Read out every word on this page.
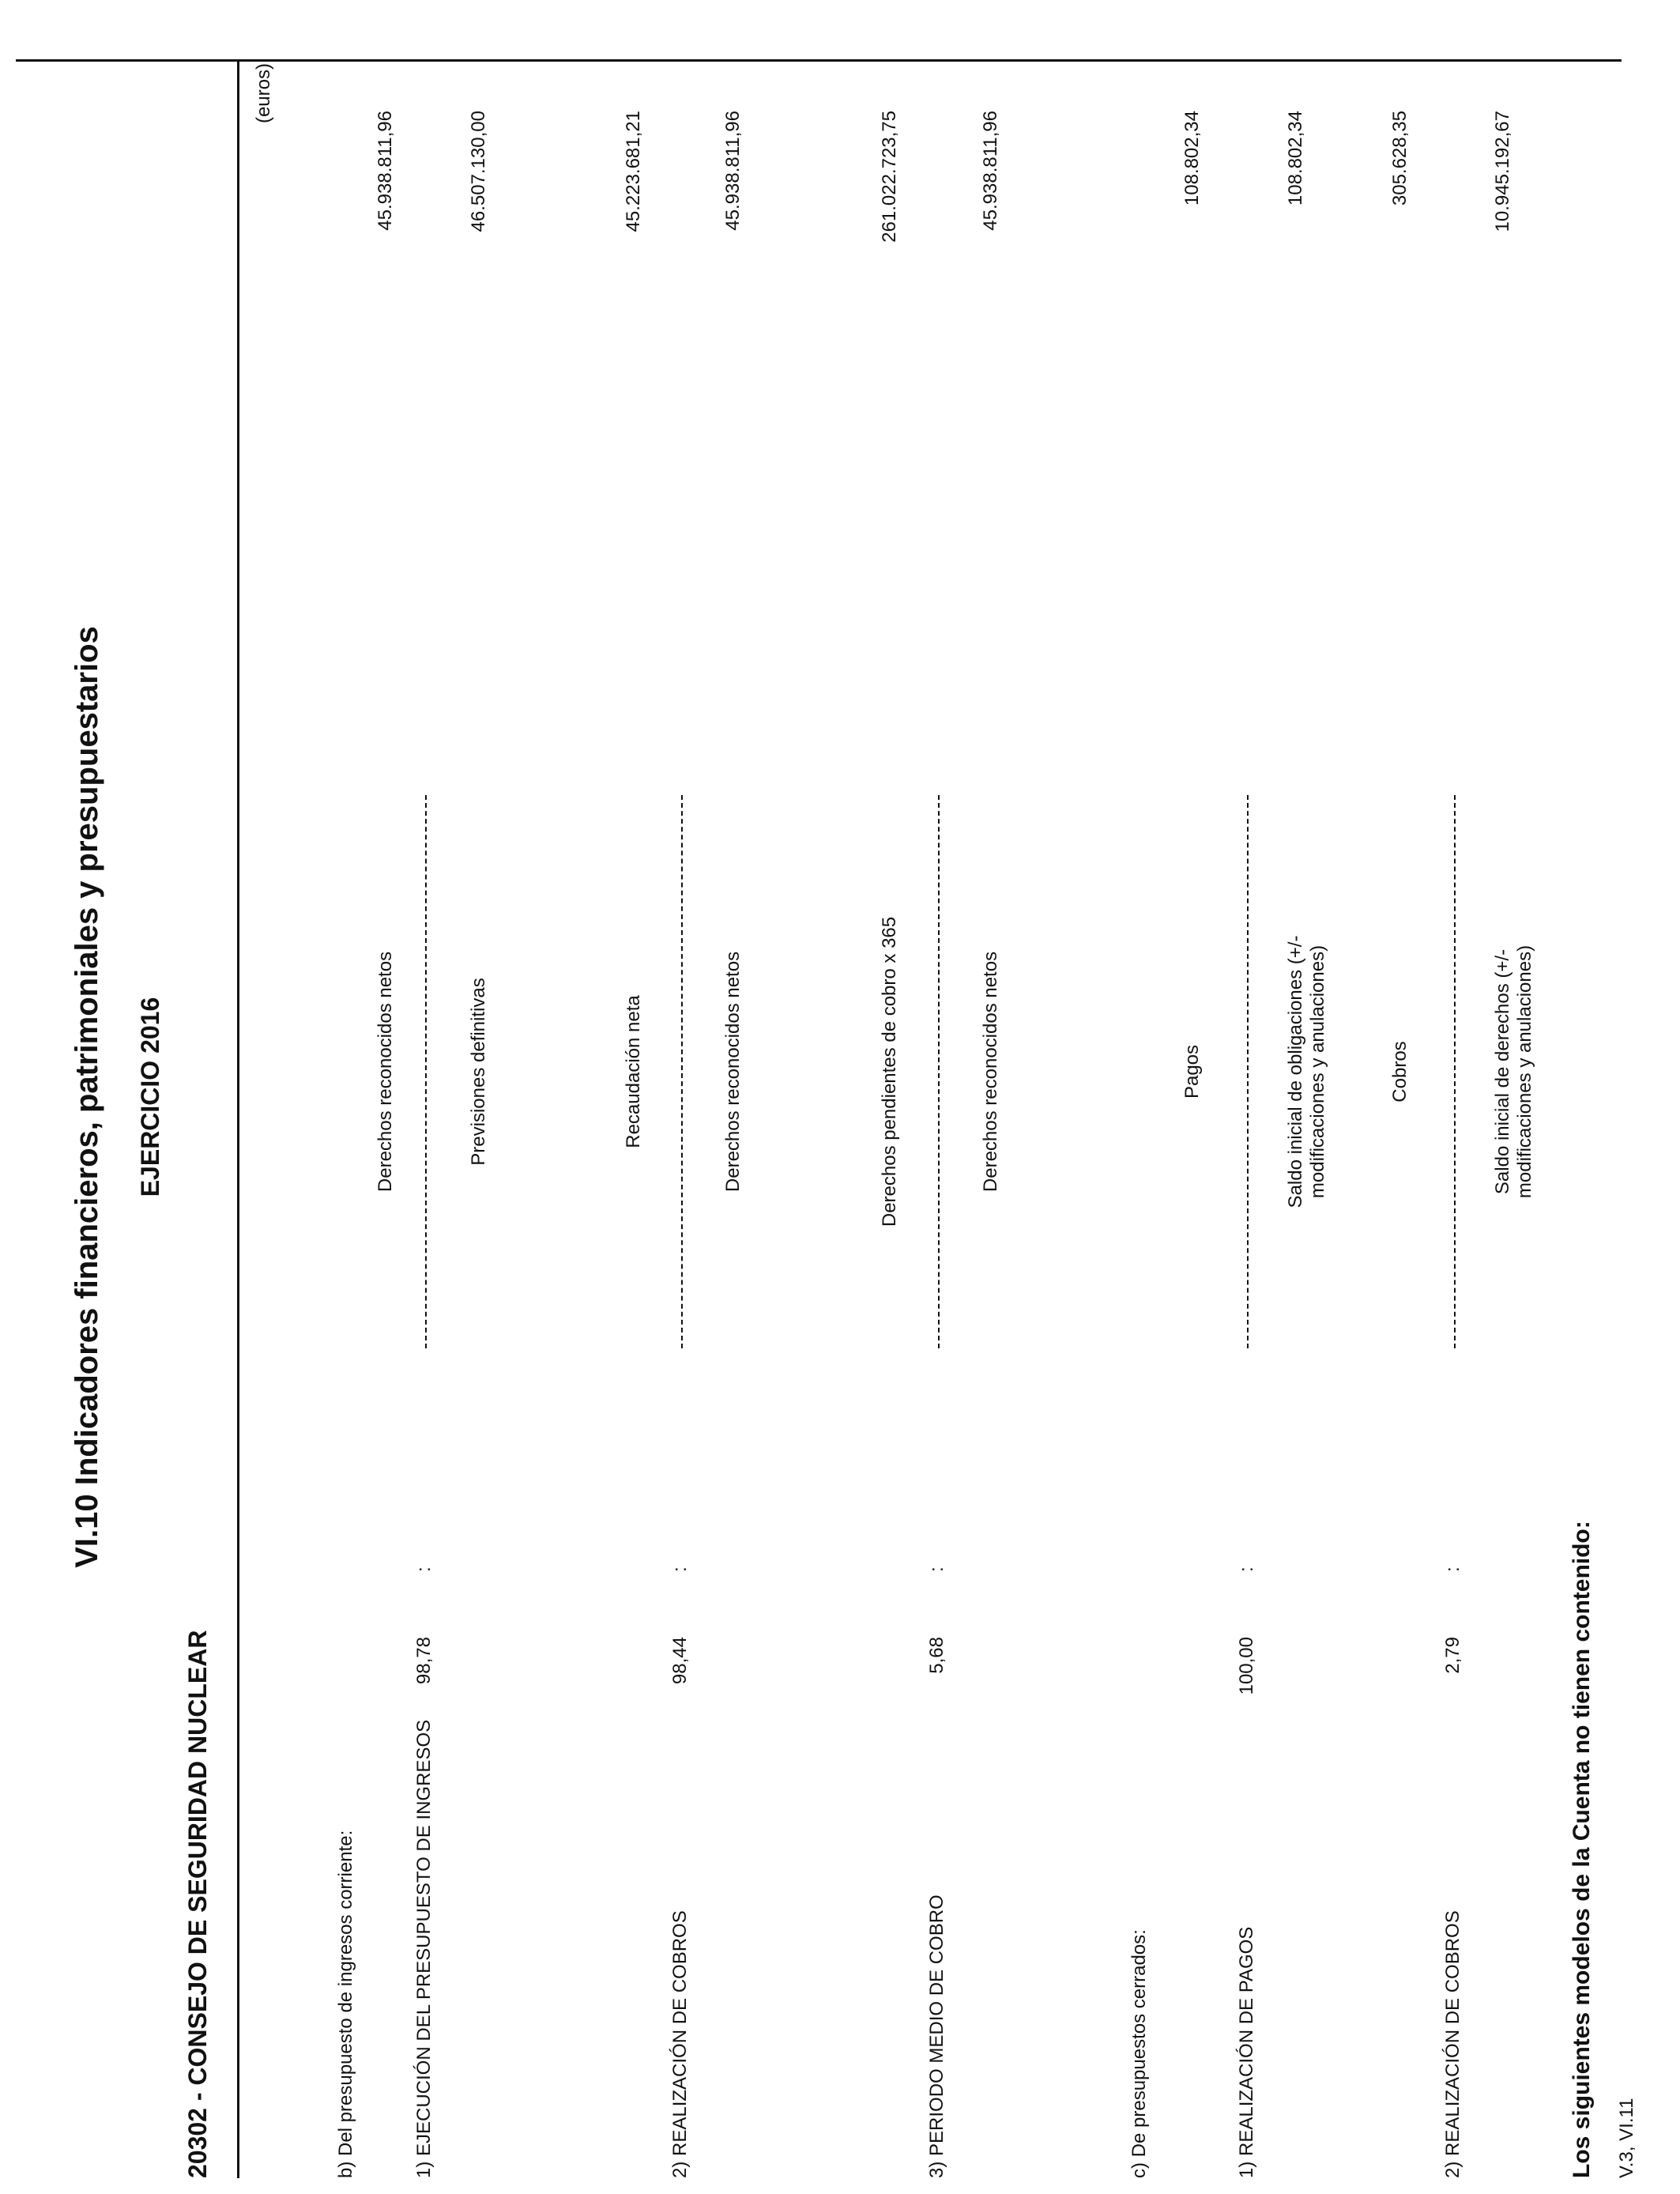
VI.10 Indicadores financieros, patrimoniales y presupuestarios EJERCICIO 2016
20302 - CONSEJO DE SEGURIDAD NUCLEAR
(euros)
b) Del presupuesto de ingresos corriente:
Derechos reconocidos netos
45.938.811,96
1) EJECUCIÓN DEL PRESUPUESTO DE INGRESOS
98,78
:
Previsiones definitivas
46.507.130,00
Recaudación neta
45.223.681,21
2) REALIZACIÓN DE COBROS
98,44
:
Derechos reconocidos netos
45.938.811,96
Derechos pendientes de cobro x 365
261.022.723,75
3) PERIODO MEDIO DE COBRO
5,68
:
Derechos reconocidos netos
45.938.811,96
c) De presupuestos cerrados:
Pagos
108.802,34
1) REALIZACIÓN DE PAGOS
100,00
:
Saldo inicial de obligaciones (+/- modificaciones y anulaciones)
108.802,34
Cobros
305.628,35
2) REALIZACIÓN DE COBROS
2,79
:
Saldo inicial de derechos (+/- modificaciones y anulaciones)
10.945.192,67
Los siguientes modelos de la Cuenta no tienen contenido: V.3, VI.11
